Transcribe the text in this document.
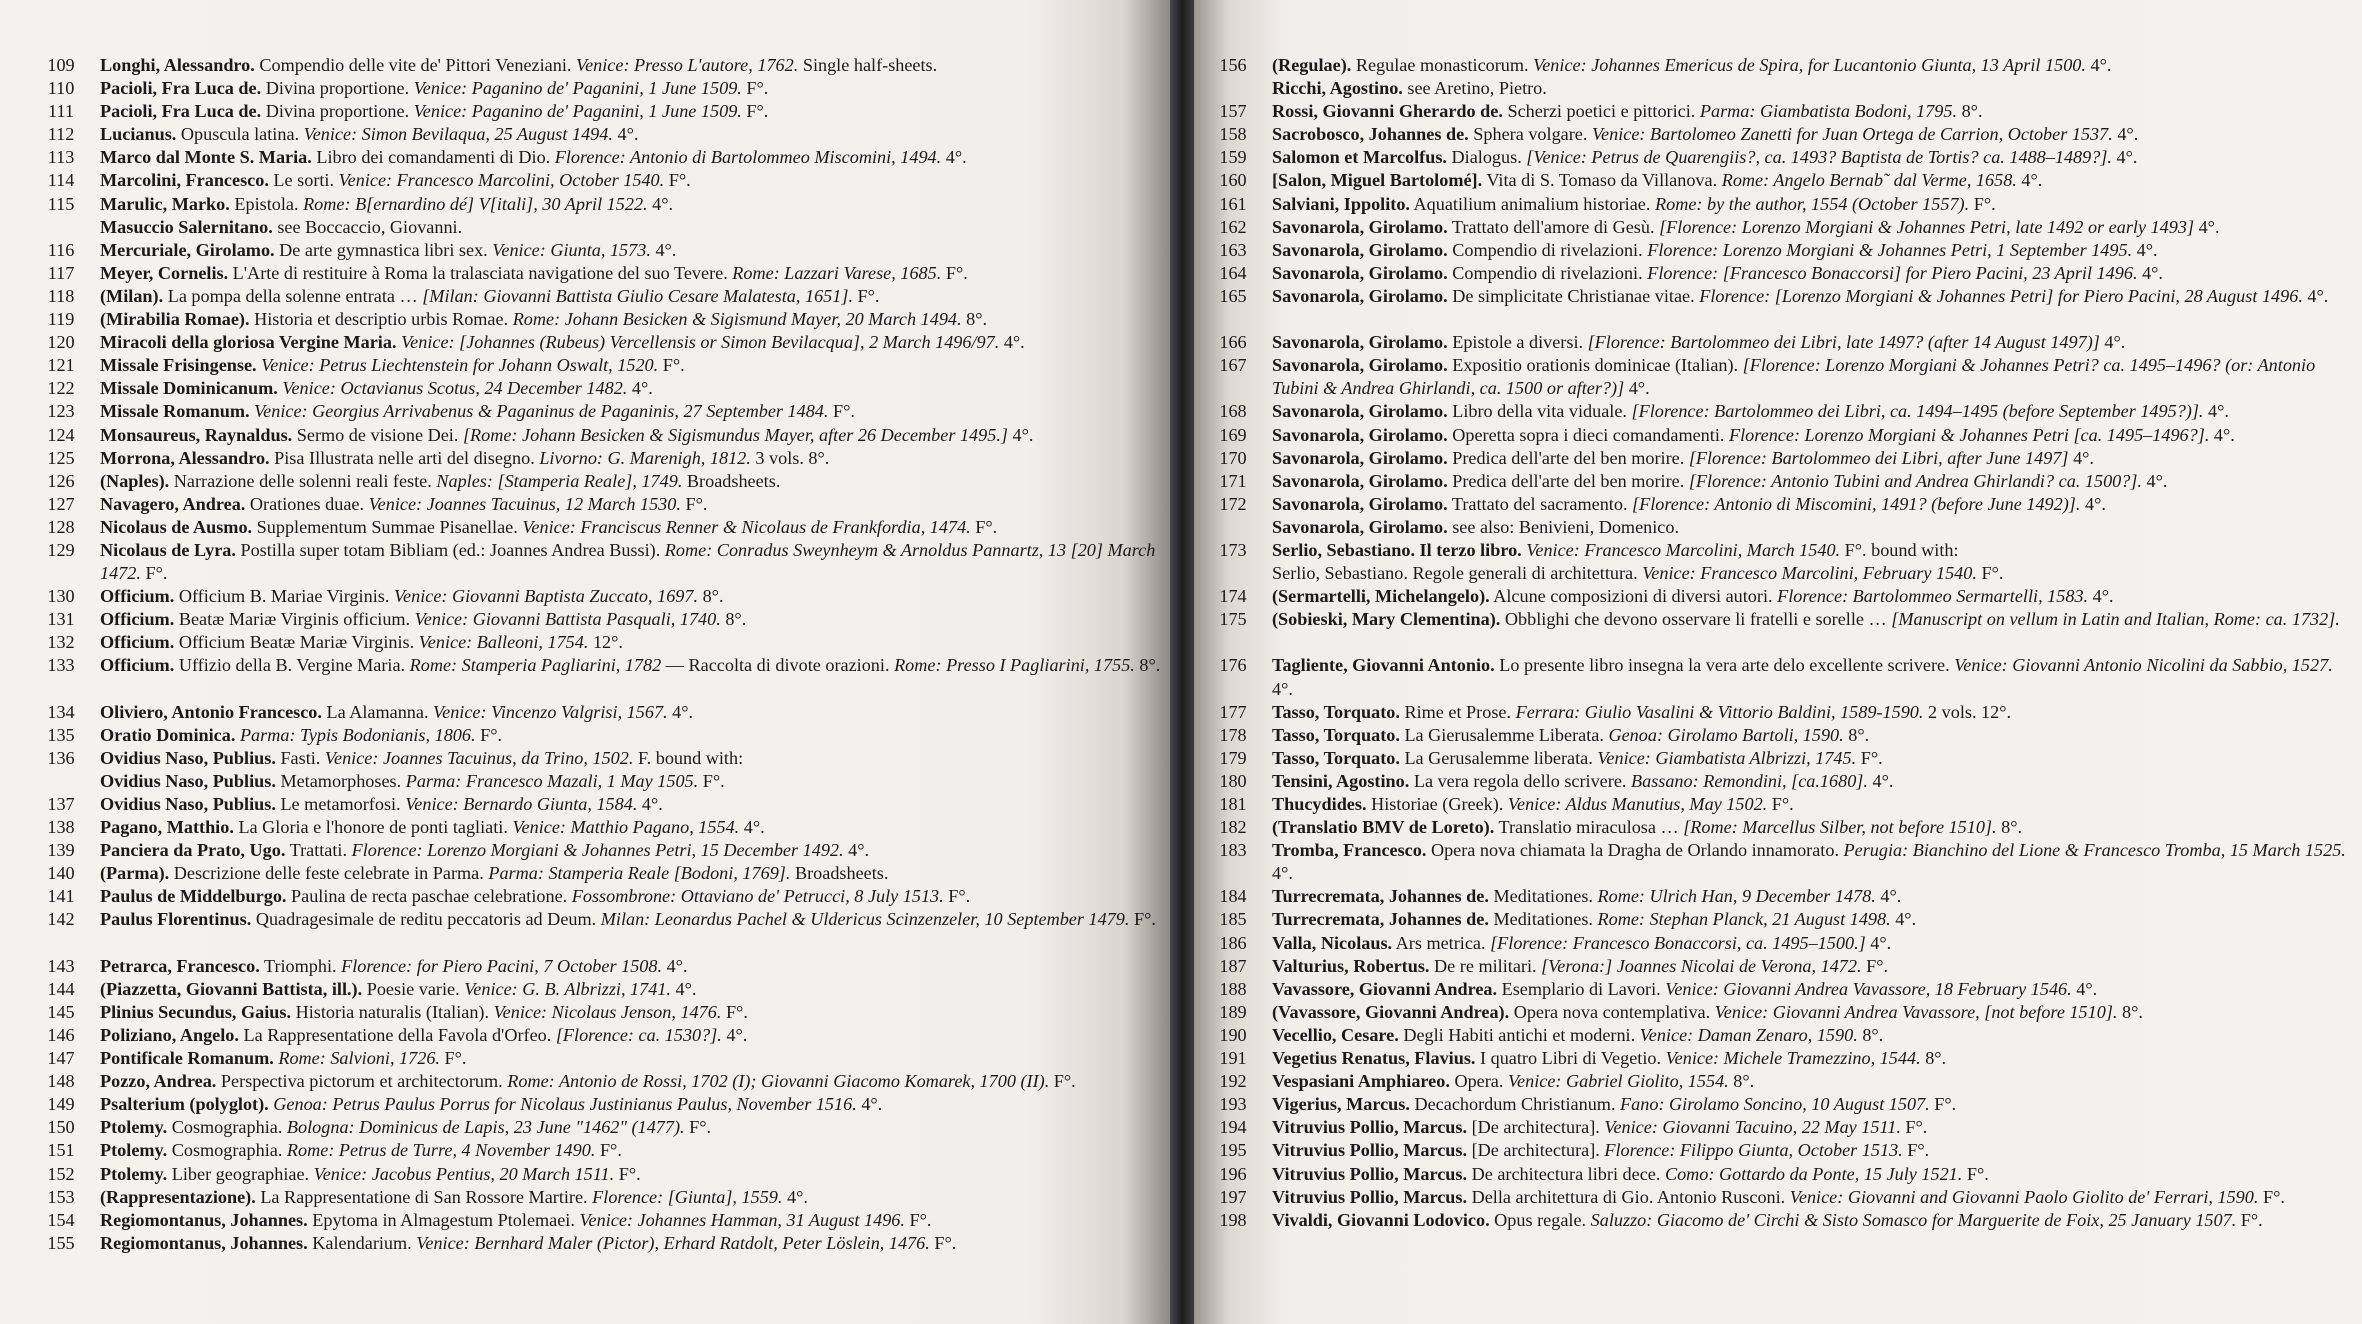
109	Longhi, Alessandro. Compendio delle vite de' Pittori Veneziani. Venice: Presso L'autore, 1762. Single half-sheets.
110	Pacioli, Fra Luca de. Divina proportione. Venice: Paganino de' Paganini, 1 June 1509. F°.
111	Pacioli, Fra Luca de. Divina proportione. Venice: Paganino de' Paganini, 1 June 1509. F°.
112	Lucianus. Opuscula latina. Venice: Simon Bevilaqua, 25 August 1494. 4°.
113	Marco dal Monte S. Maria. Libro dei comandamenti di Dio. Florence: Antonio di Bartolommeo Miscomini, 1494. 4°.
114	Marcolini, Francesco. Le sorti. Venice: Francesco Marcolini, October 1540. F°.
115	Marulic, Marko. Epistola. Rome: B[ernardino dé] V[itali], 30 April 1522. 4°.
Masuccio Salernitano. see Boccaccio, Giovanni.
116	Mercuriale, Girolamo. De arte gymnastica libri sex. Venice: Giunta, 1573. 4°.
117	Meyer, Cornelis. L'Arte di restituire à Roma la tralasciata navigatione del suo Tevere. Rome: Lazzari Varese, 1685. F°.
118	(Milan). La pompa della solenne entrata … [Milan: Giovanni Battista Giulio Cesare Malatesta, 1651]. F°.
119	(Mirabilia Romae). Historia et descriptio urbis Romae. Rome: Johann Besicken & Sigismund Mayer, 20 March 1494. 8°.
120	Miracoli della gloriosa Vergine Maria. Venice: [Johannes (Rubeus) Vercellensis or Simon Bevilacqua], 2 March 1496/97. 4°.
121	Missale Frisingense. Venice: Petrus Liechtenstein for Johann Oswalt, 1520. F°.
122	Missale Dominicanum. Venice: Octavianus Scotus, 24 December 1482. 4°.
123	Missale Romanum. Venice: Georgius Arrivabenus & Paganinus de Paganinis, 27 September 1484. F°.
124	Monsaureus, Raynaldus. Sermo de visione Dei. [Rome: Johann Besicken & Sigismundus Mayer, after 26 December 1495.] 4°.
125	Morrona, Alessandro. Pisa Illustrata nelle arti del disegno. Livorno: G. Marenigh, 1812. 3 vols. 8°.
126	(Naples). Narrazione delle solenni reali feste. Naples: [Stamperia Reale], 1749. Broadsheets.
127	Navagero, Andrea. Orationes duae. Venice: Joannes Tacuinus, 12 March 1530. F°.
128	Nicolaus de Ausmo. Supplementum Summae Pisanellae. Venice: Franciscus Renner & Nicolaus de Frankfordia, 1474. F°.
129	Nicolaus de Lyra. Postilla super totam Bibliam (ed.: Joannes Andrea Bussi). Rome: Conradus Sweynheym & Arnoldus Pannartz, 13 [20] March 1472. F°.
130	Officium. Officium B. Mariae Virginis. Venice: Giovanni Baptista Zuccato, 1697. 8°.
131	Officium. Beatæ Mariæ Virginis officium. Venice: Giovanni Battista Pasquali, 1740. 8°.
132	Officium. Officium Beatæ Mariæ Virginis. Venice: Balleoni, 1754. 12°.
133	Officium. Uffizio della B. Vergine Maria. Rome: Stamperia Pagliarini, 1782 — Raccolta di divote orazioni. Rome: Presso I Pagliarini, 1755. 8°.
134	Oliviero, Antonio Francesco. La Alamanna. Venice: Vincenzo Valgrisi, 1567. 4°.
135	Oratio Dominica. Parma: Typis Bodonianis, 1806. F°.
136	Ovidius Naso, Publius. Fasti. Venice: Joannes Tacuinus, da Trino, 1502. F. bound with:
Ovidius Naso, Publius. Metamorphoses. Parma: Francesco Mazali, 1 May 1505. F°.
137	Ovidius Naso, Publius. Le metamorfosi. Venice: Bernardo Giunta, 1584. 4°.
138	Pagano, Matthio. La Gloria e l'honore de ponti tagliati. Venice: Matthio Pagano, 1554. 4°.
139	Panciera da Prato, Ugo. Trattati. Florence: Lorenzo Morgiani & Johannes Petri, 15 December 1492. 4°.
140	(Parma). Descrizione delle feste celebrate in Parma. Parma: Stamperia Reale [Bodoni, 1769]. Broadsheets.
141	Paulus de Middelburgo. Paulina de recta paschae celebratione. Fossombrone: Ottaviano de' Petrucci, 8 July 1513. F°.
142	Paulus Florentinus. Quadragesimale de reditu peccatoris ad Deum. Milan: Leonardus Pachel & Uldericus Scinzenzeler, 10 September 1479. F°.
143	Petrarca, Francesco. Triomphi. Florence: for Piero Pacini, 7 October 1508. 4°.
144	(Piazzetta, Giovanni Battista, ill.). Poesie varie. Venice: G. B. Albrizzi, 1741. 4°.
145	Plinius Secundus, Gaius. Historia naturalis (Italian). Venice: Nicolaus Jenson, 1476. F°.
146	Poliziano, Angelo. La Rappresentatione della Favola d'Orfeo. [Florence: ca. 1530?]. 4°.
147	Pontificale Romanum. Rome: Salvioni, 1726. F°.
148	Pozzo, Andrea. Perspectiva pictorum et architectorum. Rome: Antonio de Rossi, 1702 (I); Giovanni Giacomo Komarek, 1700 (II). F°.
149	Psalterium (polyglot). Genoa: Petrus Paulus Porrus for Nicolaus Justinianus Paulus, November 1516. 4°.
150	Ptolemy. Cosmographia. Bologna: Dominicus de Lapis, 23 June "1462" (1477). F°.
151	Ptolemy. Cosmographia. Rome: Petrus de Turre, 4 November 1490. F°.
152	Ptolemy. Liber geographiae. Venice: Jacobus Pentius, 20 March 1511. F°.
153	(Rappresentazione). La Rappresentatione di San Rossore Martire. Florence: [Giunta], 1559. 4°.
154	Regiomontanus, Johannes. Epytoma in Almagestum Ptolemaei. Venice: Johannes Hamman, 31 August 1496. F°.
155	Regiomontanus, Johannes. Kalendarium. Venice: Bernhard Maler (Pictor), Erhard Ratdolt, Peter Löslein, 1476. F°.
156	(Regulae). Regulae monasticorum. Venice: Johannes Emericus de Spira, for Lucantonio Giunta, 13 April 1500. 4°.
Ricchi, Agostino. see Aretino, Pietro.
157	Rossi, Giovanni Gherardo de. Scherzi poetici e pittorici. Parma: Giambatista Bodoni, 1795. 8°.
158	Sacrobosco, Johannes de. Sphera volgare. Venice: Bartolomeo Zanetti for Juan Ortega de Carrion, October 1537. 4°.
159	Salomon et Marcolfus. Dialogus. [Venice: Petrus de Quarengiis?, ca. 1493? Baptista de Tortis? ca. 1488–1489?]. 4°.
160	[Salon, Miguel Bartolomé]. Vita di S. Tomaso da Villanova. Rome: Angelo Bernab˜ dal Verme, 1658. 4°.
161	Salviani, Ippolito. Aquatilium animalium historiae. Rome: by the author, 1554 (October 1557). F°.
162	Savonarola, Girolamo. Trattato dell'amore di Gesù. [Florence: Lorenzo Morgiani & Johannes Petri, late 1492 or early 1493] 4°.
163	Savonarola, Girolamo. Compendio di rivelazioni. Florence: Lorenzo Morgiani & Johannes Petri, 1 September 1495. 4°.
164	Savonarola, Girolamo. Compendio di rivelazioni. Florence: [Francesco Bonaccorsi] for Piero Pacini, 23 April 1496. 4°.
165	Savonarola, Girolamo. De simplicitate Christianae vitae. Florence: [Lorenzo Morgiani & Johannes Petri] for Piero Pacini, 28 August 1496. 4°.
166	Savonarola, Girolamo. Epistole a diversi. [Florence: Bartolommeo dei Libri, late 1497? (after 14 August 1497)] 4°.
167	Savonarola, Girolamo. Expositio orationis dominicae (Italian). [Florence: Lorenzo Morgiani & Johannes Petri? ca. 1495–1496? (or: Antonio Tubini & Andrea Ghirlandi, ca. 1500 or after?)] 4°.
168	Savonarola, Girolamo. Libro della vita viduale. [Florence: Bartolommeo dei Libri, ca. 1494–1495 (before September 1495?)]. 4°.
169	Savonarola, Girolamo. Operetta sopra i dieci comandamenti. Florence: Lorenzo Morgiani & Johannes Petri [ca. 1495–1496?]. 4°.
170	Savonarola, Girolamo. Predica dell'arte del ben morire. [Florence: Bartolommeo dei Libri, after June 1497] 4°.
171	Savonarola, Girolamo. Predica dell'arte del ben morire. [Florence: Antonio Tubini and Andrea Ghirlandi? ca. 1500?]. 4°.
172	Savonarola, Girolamo. Trattato del sacramento. [Florence: Antonio di Miscomini, 1491? (before June 1492)]. 4°.
Savonarola, Girolamo. see also: Benivieni, Domenico.
173	Serlio, Sebastiano. Il terzo libro. Venice: Francesco Marcolini, March 1540. F°. bound with:
Serlio, Sebastiano. Regole generali di architettura. Venice: Francesco Marcolini, February 1540. F°.
174	(Sermartelli, Michelangelo). Alcune composizioni di diversi autori. Florence: Bartolommeo Sermartelli, 1583. 4°.
175	(Sobieski, Mary Clementina). Obblighi che devono osservare li fratelli e sorelle … [Manuscript on vellum in Latin and Italian, Rome: ca. 1732].
176	Tagliente, Giovanni Antonio. Lo presente libro insegna la vera arte delo excellente scrivere. Venice: Giovanni Antonio Nicolini da Sabbio, 1527. 4°.
177	Tasso, Torquato. Rime et Prose. Ferrara: Giulio Vasalini & Vittorio Baldini, 1589-1590. 2 vols. 12°.
178	Tasso, Torquato. La Gierusalemme Liberata. Genoa: Girolamo Bartoli, 1590. 8°.
179	Tasso, Torquato. La Gerusalemme liberata. Venice: Giambatista Albrizzi, 1745. F°.
180	Tensini, Agostino. La vera regola dello scrivere. Bassano: Remondini, [ca.1680]. 4°.
181	Thucydides. Historiae (Greek). Venice: Aldus Manutius, May 1502. F°.
182	(Translatio BMV de Loreto). Translatio miraculosa … [Rome: Marcellus Silber, not before 1510]. 8°.
183	Tromba, Francesco. Opera nova chiamata la Dragha de Orlando innamorato. Perugia: Bianchino del Lione & Francesco Tromba, 15 March 1525. 4°.
184	Turrecremata, Johannes de. Meditationes. Rome: Ulrich Han, 9 December 1478. 4°.
185	Turrecremata, Johannes de. Meditationes. Rome: Stephan Planck, 21 August 1498. 4°.
186	Valla, Nicolaus. Ars metrica. [Florence: Francesco Bonaccorsi, ca. 1495–1500.] 4°.
187	Valturius, Robertus. De re militari. [Verona:] Joannes Nicolai de Verona, 1472. F°.
188	Vavassore, Giovanni Andrea. Esemplario di Lavori. Venice: Giovanni Andrea Vavassore, 18 February 1546. 4°.
189	(Vavassore, Giovanni Andrea). Opera nova contemplativa. Venice: Giovanni Andrea Vavassore, [not before 1510]. 8°.
190	Vecellio, Cesare. Degli Habiti antichi et moderni. Venice: Daman Zenaro, 1590. 8°.
191	Vegetius Renatus, Flavius. I quatro Libri di Vegetio. Venice: Michele Tramezzino, 1544. 8°.
192	Vespasiani Amphiareo. Opera. Venice: Gabriel Giolito, 1554. 8°.
193	Vigerius, Marcus. Decachordum Christianum. Fano: Girolamo Soncino, 10 August 1507. F°.
194	Vitruvius Pollio, Marcus. [De architectura]. Venice: Giovanni Tacuino, 22 May 1511. F°.
195	Vitruvius Pollio, Marcus. [De architectura]. Florence: Filippo Giunta, October 1513. F°.
196	Vitruvius Pollio, Marcus. De architectura libri dece. Como: Gottardo da Ponte, 15 July 1521. F°.
197	Vitruvius Pollio, Marcus. Della architettura di Gio. Antonio Rusconi. Venice: Giovanni and Giovanni Paolo Giolito de' Ferrari, 1590. F°.
198	Vivaldi, Giovanni Lodovico. Opus regale. Saluzzo: Giacomo de' Circhi & Sisto Somasco for Marguerite de Foix, 25 January 1507. F°.
